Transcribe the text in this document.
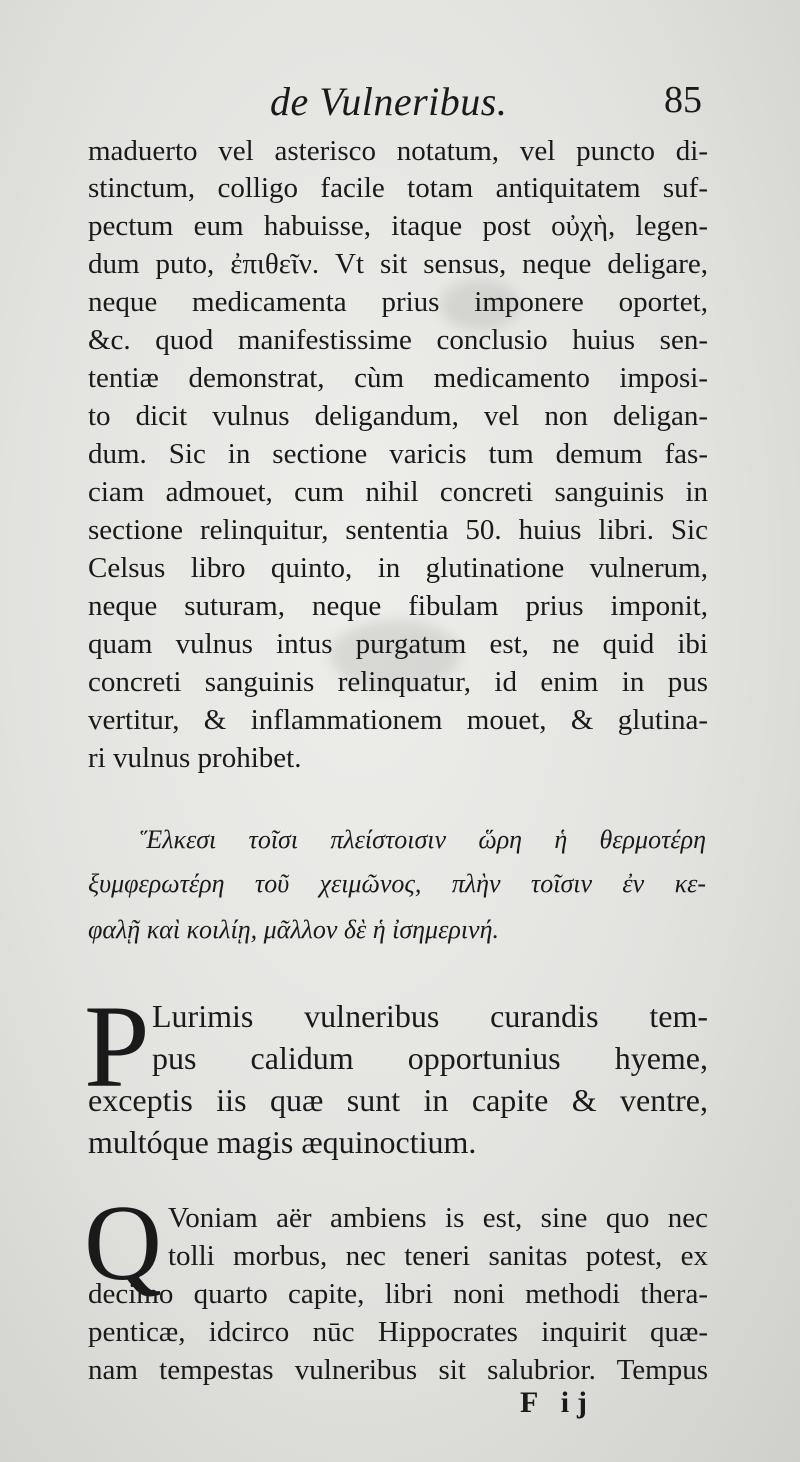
de Vulneribus.	85
maduerto vel asterisco notatum, vel puncto di-
stinctum, colligo facile totam antiquitatem suf-
pectum eum habuisse, itaque post οὐχὴ, legen-
dum puto, ἐπιθεῖν. Vt sit sensus, neque deligare,
neque medicamenta prius imponere oportet,
&c. quod manifestissime conclusio huius sen-
tentiæ demonstrat, cùm medicamento imposi-
to dicit vulnus deligandum, vel non deligan-
dum. Sic in sectione varicis tum demum fas-
ciam admouet, cum nihil concreti sanguinis in
sectione relinquitur, sententia 50. huius libri. Sic
Celsus libro quinto, in glutinatione vulnerum,
neque suturam, neque fibulam prius imponit,
quam vulnus intus purgatum est, ne quid ibi
concreti sanguinis relinquatur, id enim in pus
vertitur, & inflammationem mouet, & glutina-
ri vulnus prohibet.
Ἕλκεσι τοῖσι πλείστοισιν ὥρη ἡ θερμοτέρη
ξυμφερωτέρη τοῦ χειμῶνος, πλὴν τοῖσιν ἐν κε-
φαλῇ καὶ κοιλίῃ, μᾶλλον δὲ ἡ ἰσημερινή.
P Lurimis vulneribus curandis tem-
pus calidum opportunius hyeme,
exceptis iis quæ sunt in capite & ventre,
multóque magis æquinoctium.
Q Voniam aër ambiens is est, sine quo nec
tolli morbus, nec teneri sanitas potest, ex
decimo quarto capite, libri noni methodi thera-
penticæ, idcirco nūc Hippocrates inquirit quæ-
nam tempestas vulneribus sit salubrior. Tempus
F ij
